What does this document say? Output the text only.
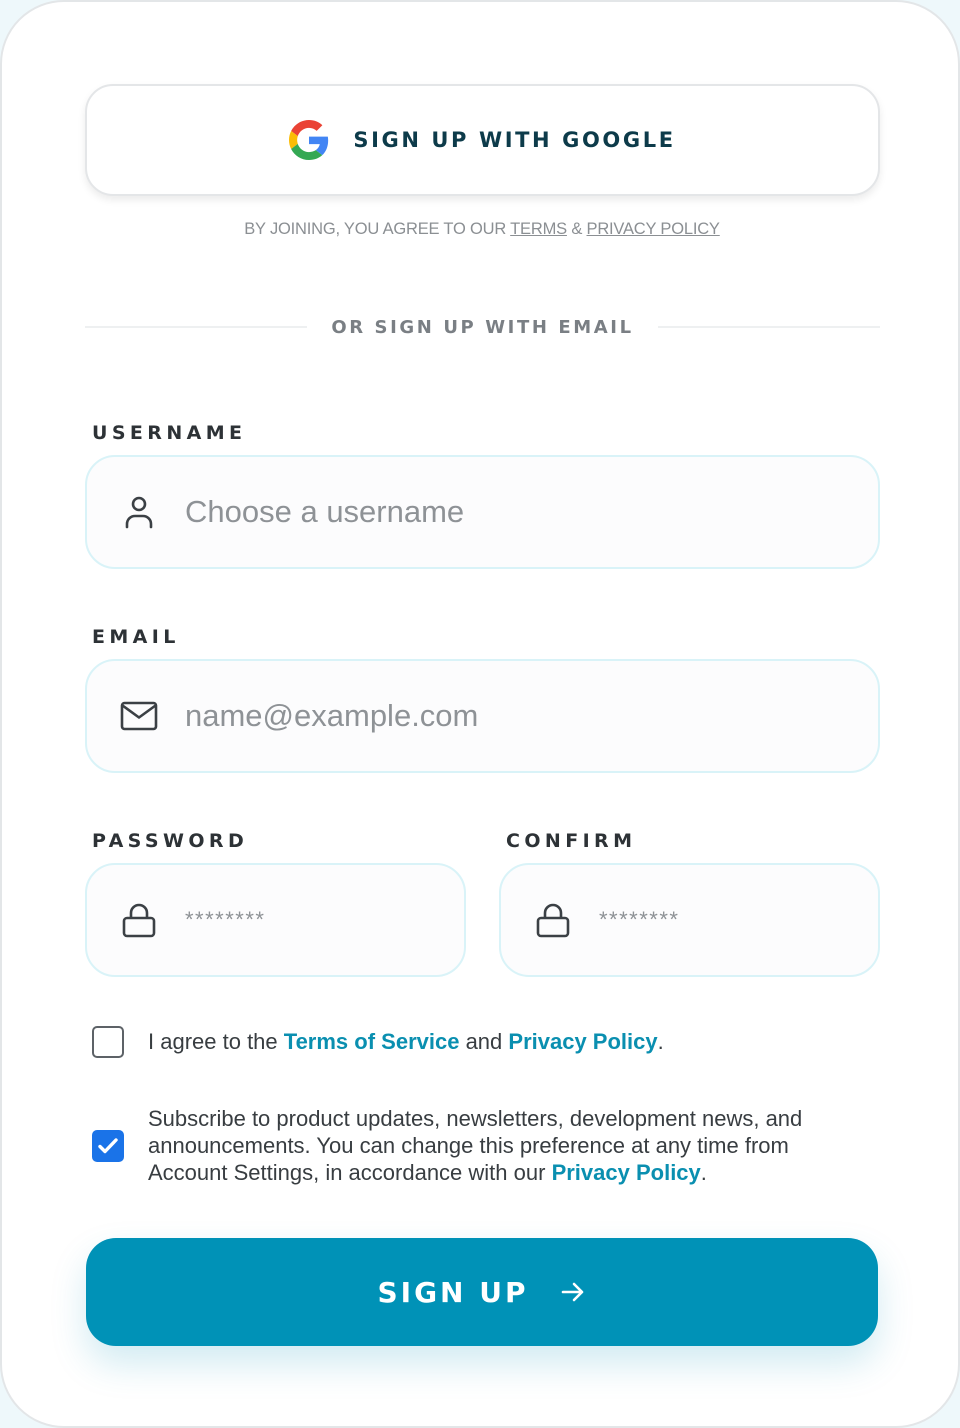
SIGN UP WITH GOOGLE
BY JOINING, YOU AGREE TO OUR TERMS & PRIVACY POLICY
OR SIGN UP WITH EMAIL
USERNAME
Choose a username
EMAIL
name@example.com
PASSWORD	CONFIRM
I agree to the Terms of Service and Privacy Policy.
Subscribe to product updates, newsletters, development news, and announcements. You can change this preference at any time from Account Settings, in accordance with our Privacy Policy.
SIGN UP
